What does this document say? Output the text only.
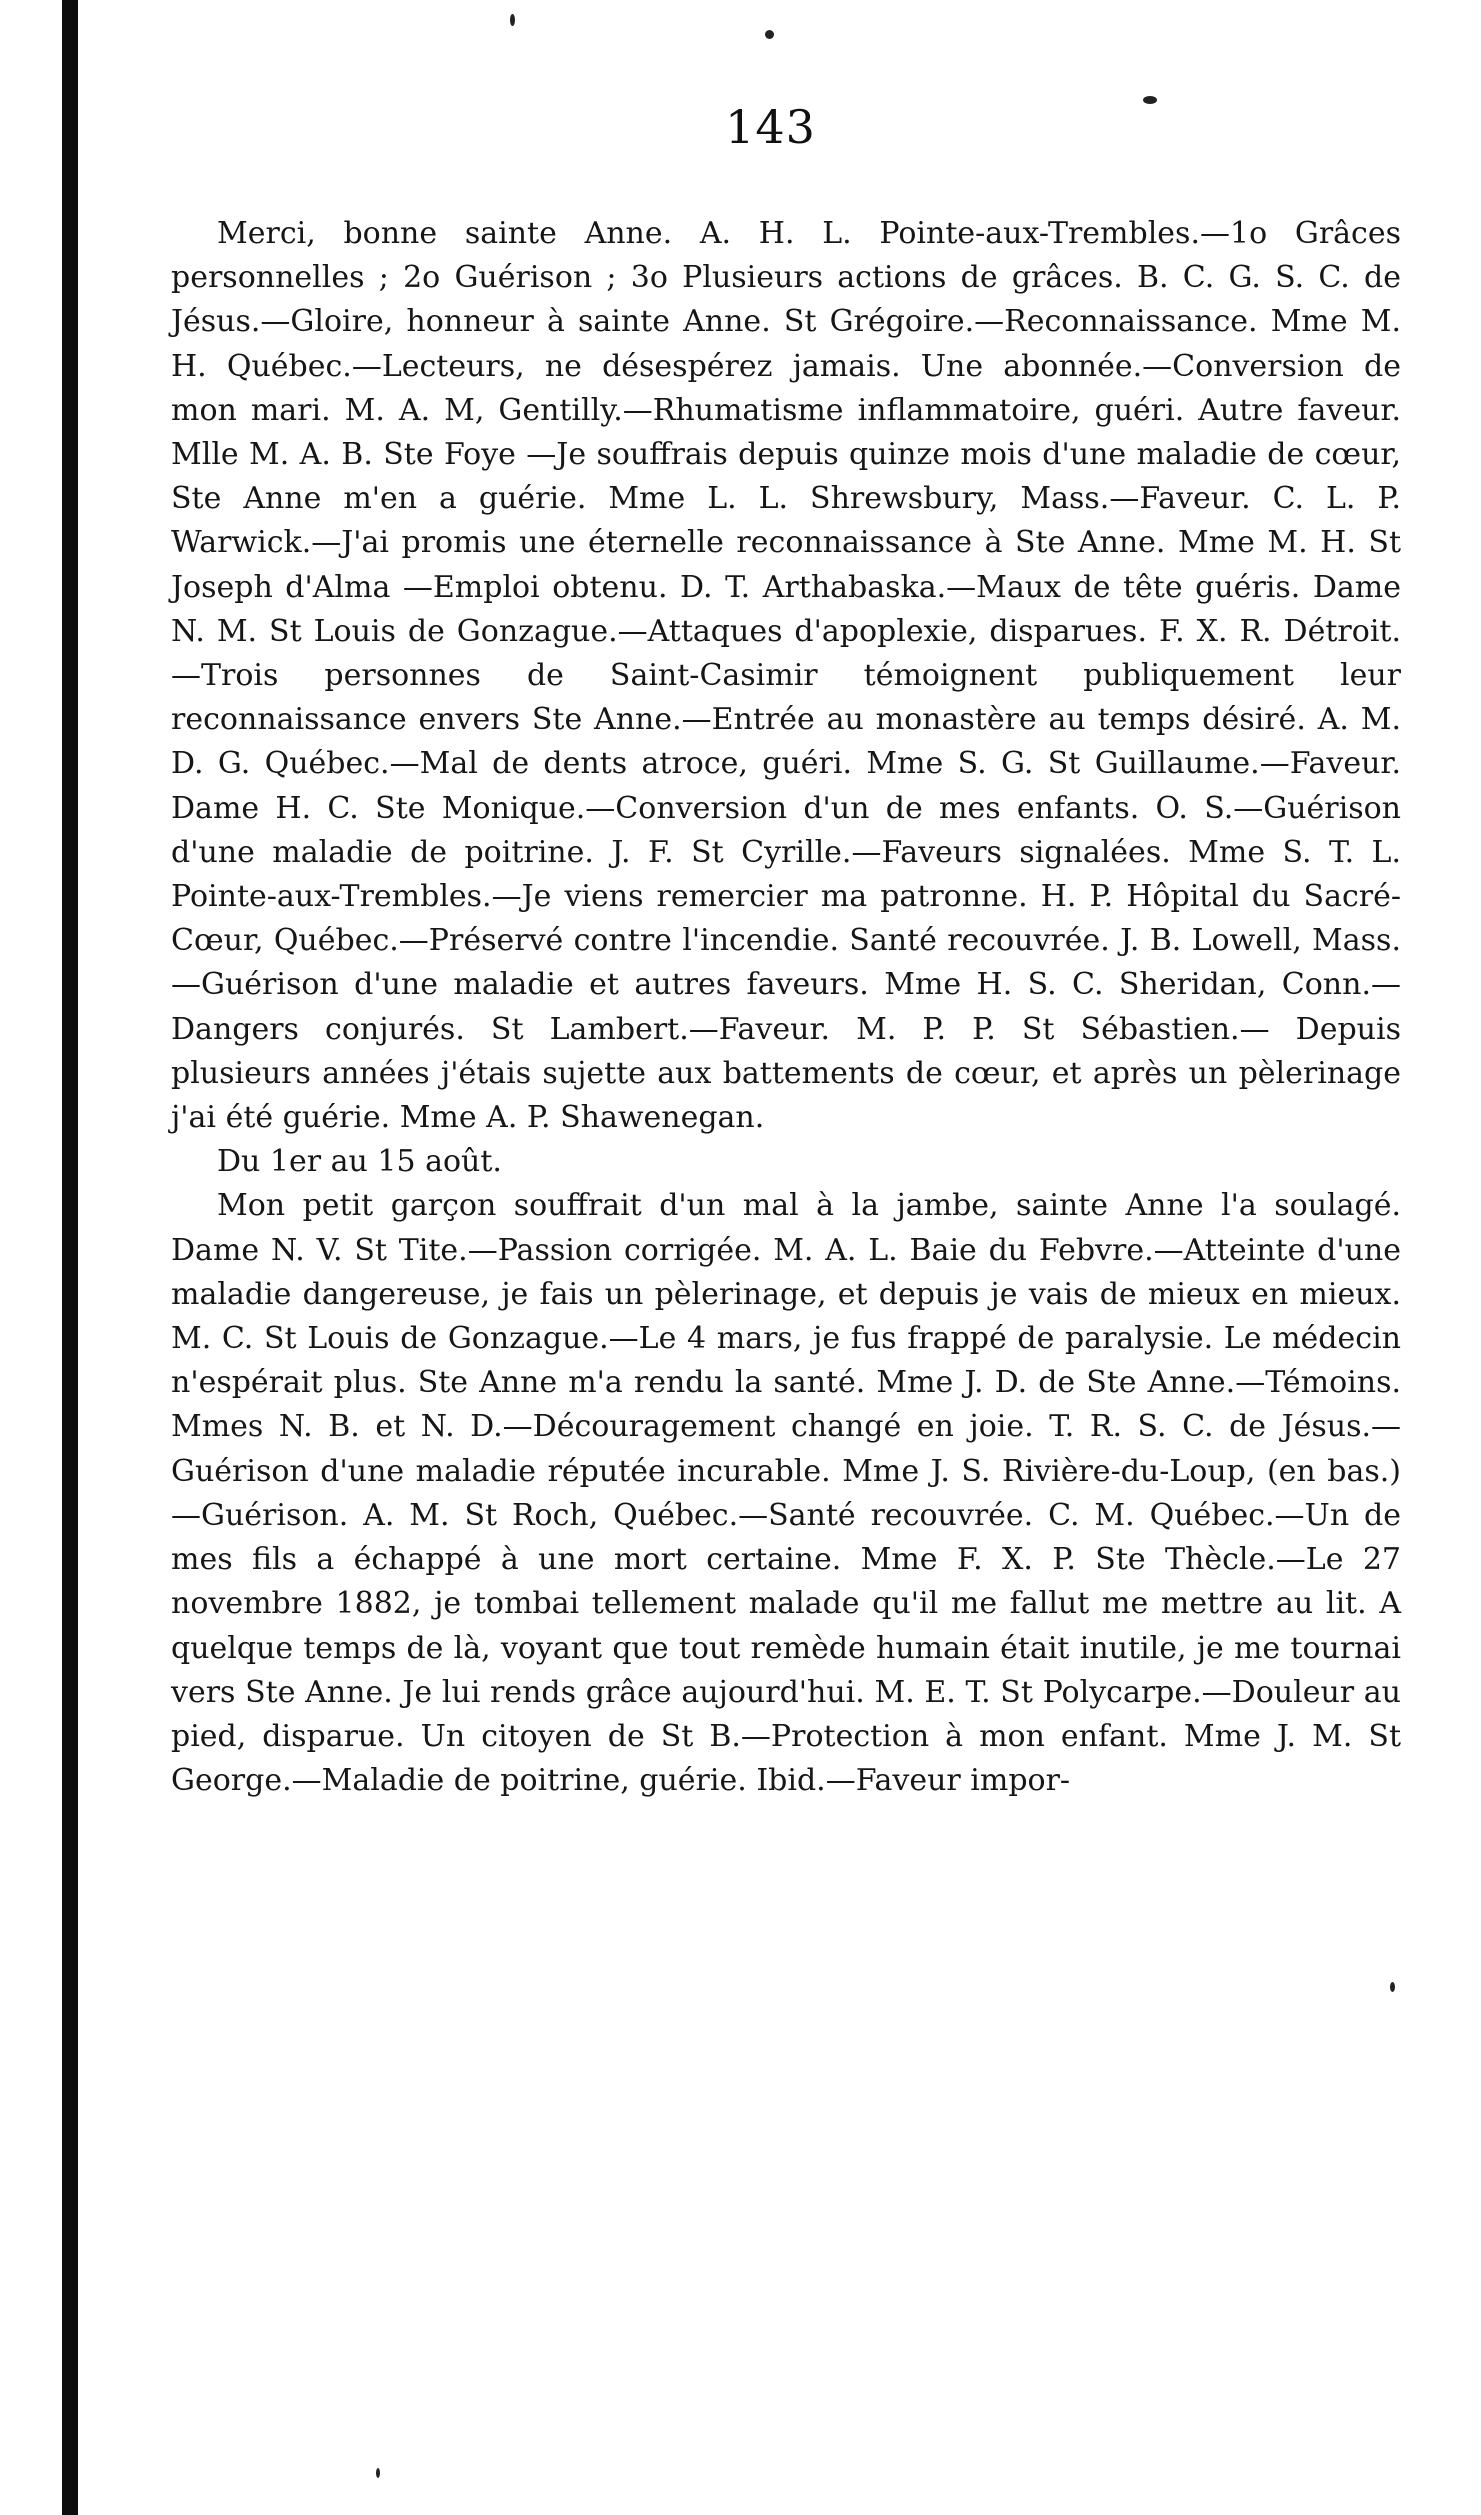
143

Merci, bonne sainte Anne. A. H. L. Pointe-aux-Trembles.—1o Grâces personnelles ; 2o Guérison ; 3o Plusieurs actions de grâces. B. C. G. S. C. de Jésus.—Gloire, honneur à sainte Anne. St Grégoire.—Reconnaissance. Mme M. H. Québec.—Lecteurs, ne désespérez jamais. Une abonnée.—Conversion de mon mari. M. A. M, Gentilly.—Rhumatisme inflammatoire, guéri. Autre faveur. Mlle M. A. B. Ste Foye —Je souffrais depuis quinze mois d'une maladie de cœur, Ste Anne m'en a guérie. Mme L. L. Shrewsbury, Mass.—Faveur. C. L. P. Warwick.—J'ai promis une éternelle reconnaissance à Ste Anne. Mme M. H. St Joseph d'Alma —Emploi obtenu. D. T. Arthabaska.—Maux de tête guéris. Dame N. M. St Louis de Gonzague.—Attaques d'apoplexie, disparues. F. X. R. Détroit.—Trois personnes de Saint-Casimir témoignent publiquement leur reconnaissance envers Ste Anne.—Entrée au monastère au temps désiré. A. M. D. G. Québec.—Mal de dents atroce, guéri. Mme S. G. St Guillaume.—Faveur. Dame H. C. Ste Monique.—Conversion d'un de mes enfants. O. S.—Guérison d'une maladie de poitrine. J. F. St Cyrille.—Faveurs signalées. Mme S. T. L. Pointe-aux-Trembles.—Je viens remercier ma patronne. H. P. Hôpital du Sacré-Cœur, Québec.—Préservé contre l'incendie. Santé recouvrée. J. B. Lowell, Mass.—Guérison d'une maladie et autres faveurs. Mme H. S. C. Sheridan, Conn.—Dangers conjurés. St Lambert.—Faveur. M. P. P. St Sébastien.— Depuis plusieurs années j'étais sujette aux battements de cœur, et après un pèlerinage j'ai été guérie. Mme A. P. Shawenegan.

Du 1er au 15 août.

Mon petit garçon souffrait d'un mal à la jambe, sainte Anne l'a soulagé. Dame N. V. St Tite.—Passion corrigée. M. A. L. Baie du Febvre.—Atteinte d'une maladie dangereuse, je fais un pèlerinage, et depuis je vais de mieux en mieux. M. C. St Louis de Gonzague.—Le 4 mars, je fus frappé de paralysie. Le médecin n'espérait plus. Ste Anne m'a rendu la santé. Mme J. D. de Ste Anne.—Témoins. Mmes N. B. et N. D.—Découragement changé en joie. T. R. S. C. de Jésus.—Guérison d'une maladie réputée incurable. Mme J. S. Rivière-du-Loup, (en bas.)—Guérison. A. M. St Roch, Québec.—Santé recouvrée. C. M. Québec.—Un de mes fils a échappé à une mort certaine. Mme F. X. P. Ste Thècle.—Le 27 novembre 1882, je tombai tellement malade qu'il me fallut me mettre au lit. A quelque temps de là, voyant que tout remède humain était inutile, je me tournai vers Ste Anne. Je lui rends grâce aujourd'hui. M. E. T. St Polycarpe.—Douleur au pied, disparue. Un citoyen de St B.—Protection à mon enfant. Mme J. M. St George.—Maladie de poitrine, guérie. Ibid.—Faveur impor-
